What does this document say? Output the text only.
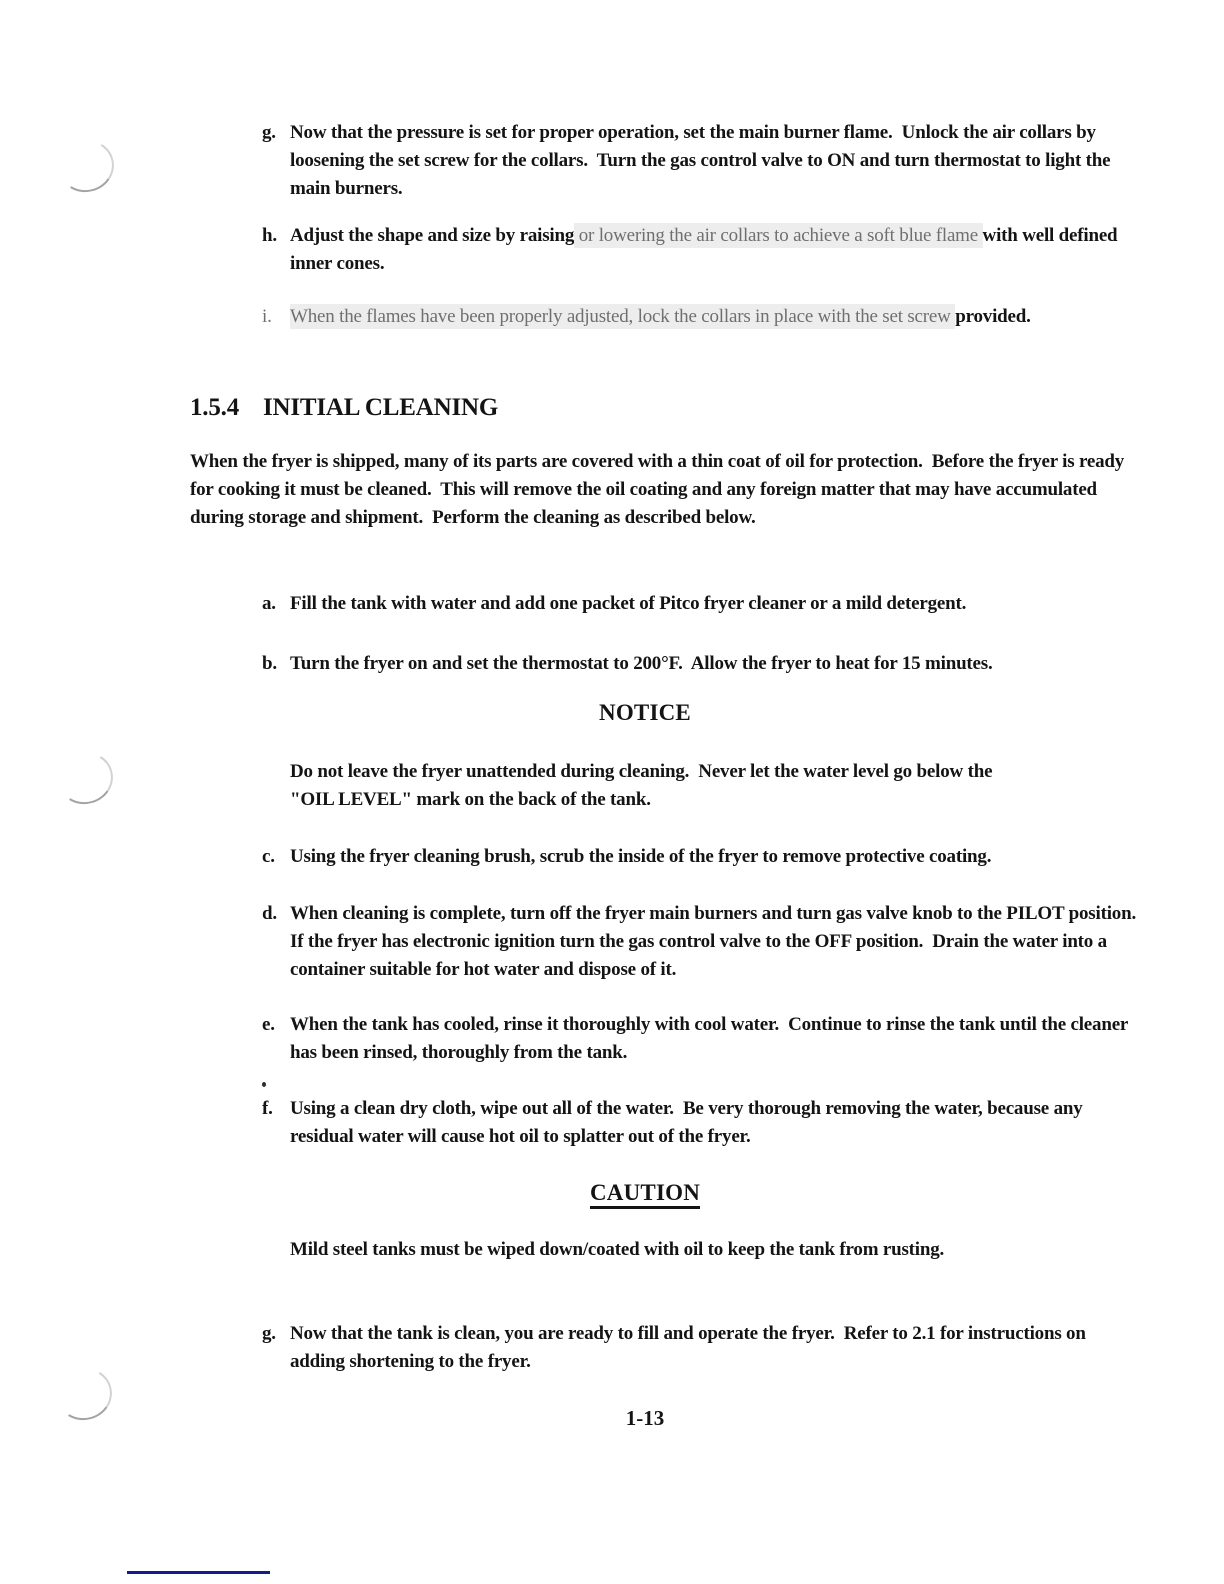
g. Now that the pressure is set for proper operation, set the main burner flame.  Unlock the air collars by loosening the set screw for the collars.  Turn the gas control valve to ON and turn thermostat to light the main burners.
h. Adjust the shape and size by raising or lowering the air collars to achieve a soft blue flame with well defined inner cones.
i. When the flames have been properly adjusted, lock the collars in place with the set screw provided.
1.5.4 INITIAL CLEANING
When the fryer is shipped, many of its parts are covered with a thin coat of oil for protection.  Before the fryer is ready for cooking it must be cleaned.  This will remove the oil coating and any foreign matter that may have accumulated during storage and shipment.  Perform the cleaning as described below.
a. Fill the tank with water and add one packet of Pitco fryer cleaner or a mild detergent.
b. Turn the fryer on and set the thermostat to 200°F.  Allow the fryer to heat for 15 minutes.
NOTICE
Do not leave the fryer unattended during cleaning.  Never let the water level go below the "OIL LEVEL" mark on the back of the tank.
c. Using the fryer cleaning brush, scrub the inside of the fryer to remove protective coating.
d. When cleaning is complete, turn off the fryer main burners and turn gas valve knob to the PILOT position.  If the fryer has electronic ignition turn the gas control valve to the OFF position.  Drain the water into a container suitable for hot water and dispose of it.
e. When the tank has cooled, rinse it thoroughly with cool water.  Continue to rinse the tank until the cleaner has been rinsed, thoroughly from the tank.
f. Using a clean dry cloth, wipe out all of the water.  Be very thorough removing the water, because any residual water will cause hot oil to splatter out of the fryer.
CAUTION
Mild steel tanks must be wiped down/coated with oil to keep the tank from rusting.
g. Now that the tank is clean, you are ready to fill and operate the fryer.  Refer to 2.1 for instructions on adding shortening to the fryer.
1-13
